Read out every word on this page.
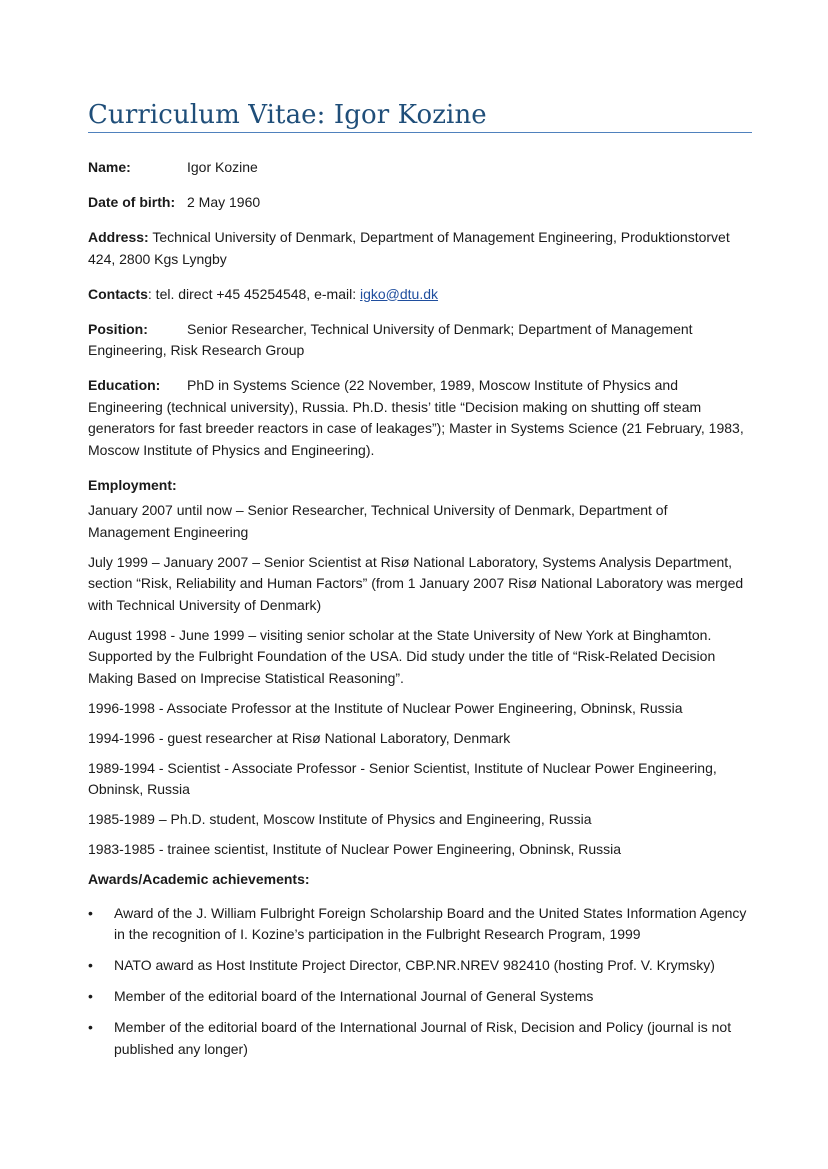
Curriculum Vitae: Igor Kozine

Name:	Igor Kozine

Date of birth: 2 May 1960

Address: Technical University of Denmark, Department of Management Engineering, Produktionstorvet 424, 2800 Kgs Lyngby

Contacts: tel. direct +45 45254548, e-mail: igko@dtu.dk

Position:	Senior Researcher, Technical University of Denmark; Department of Management Engineering, Risk Research Group

Education: PhD in Systems Science (22 November, 1989, Moscow Institute of Physics and Engineering (technical university), Russia. Ph.D. thesis’ title “Decision making on shutting off steam generators for fast breeder reactors in case of leakages”); Master in Systems Science (21 February, 1983, Moscow Institute of Physics and Engineering).

Employment:

January 2007 until now – Senior Researcher, Technical University of Denmark, Department of Management Engineering

July 1999 – January 2007 – Senior Scientist at Risø National Laboratory, Systems Analysis Department, section “Risk, Reliability and Human Factors” (from 1 January 2007 Risø National Laboratory was merged with Technical University of Denmark)

August 1998 - June 1999 – visiting senior scholar at the State University of New York at Binghamton. Supported by the Fulbright Foundation of the USA. Did study under the title of “Risk-Related Decision Making Based on Imprecise Statistical Reasoning”.

1996-1998 - Associate Professor at the Institute of Nuclear Power Engineering, Obninsk, Russia

1994-1996 - guest researcher at Risø National Laboratory, Denmark

1989-1994 - Scientist - Associate Professor - Senior Scientist, Institute of Nuclear Power Engineering, Obninsk, Russia

1985-1989 – Ph.D. student, Moscow Institute of Physics and Engineering, Russia

1983-1985 - trainee scientist, Institute of Nuclear Power Engineering, Obninsk, Russia

Awards/Academic achievements:
•	Award of the J. William Fulbright Foreign Scholarship Board and the United States Information Agency in the recognition of I. Kozine’s participation in the Fulbright Research Program, 1999
•	NATO award as Host Institute Project Director, CBP.NR.NREV 982410 (hosting Prof. V. Krymsky)
•	Member of the editorial board of the International Journal of General Systems
•	Member of the editorial board of the International Journal of Risk, Decision and Policy (journal is not published any longer)
